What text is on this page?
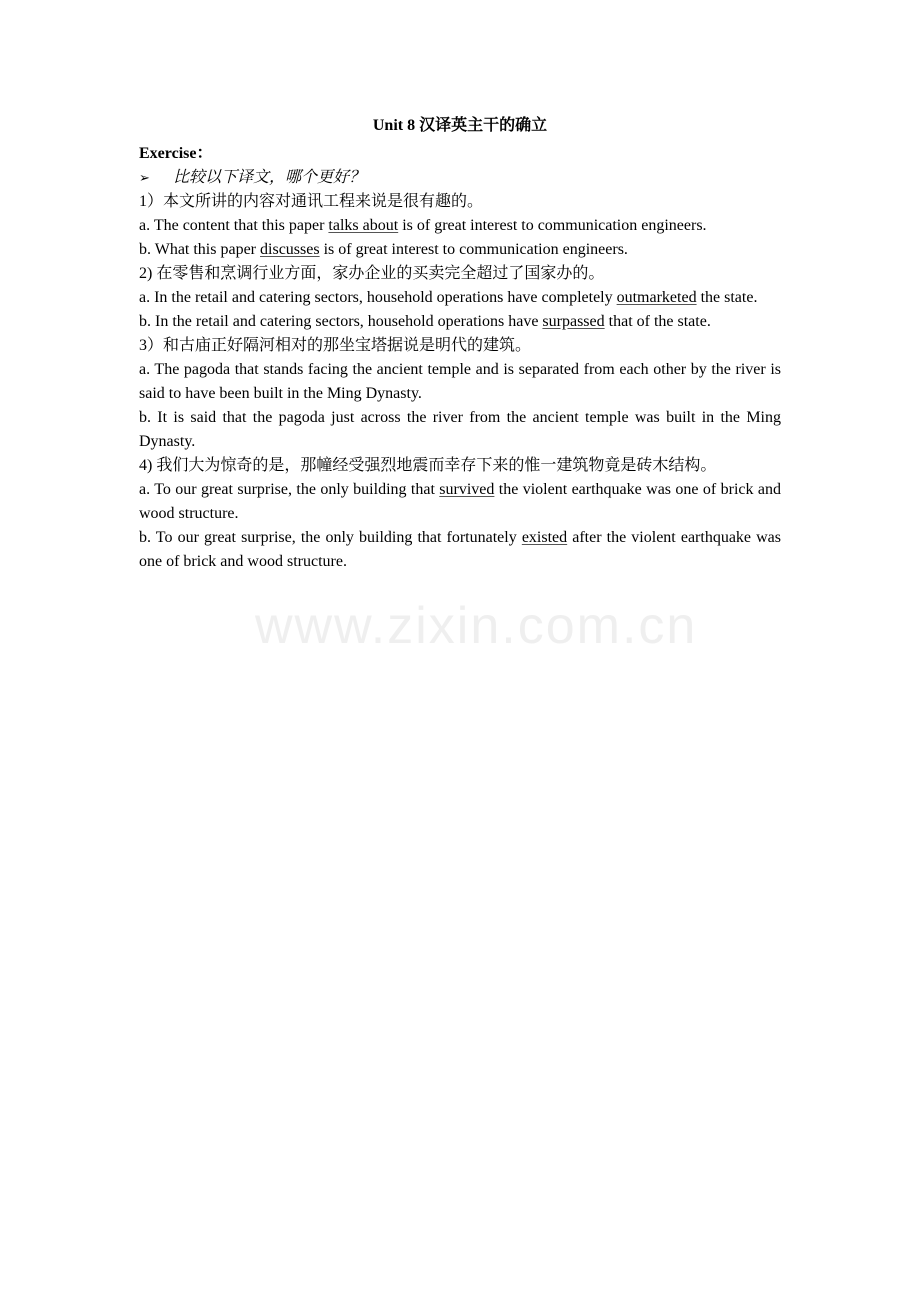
www.zixin.com.cn

Unit 8 汉译英主干的确立

Exercise：

➢	比较以下译文，哪个更好？

1）本文所讲的内容对通讯工程来说是很有趣的。

a. The content that this paper talks about is of great interest to communication engineers.

b. What this paper discusses is of great interest to communication engineers.

2) 在零售和烹调行业方面，家办企业的买卖完全超过了国家办的。

a. In the retail and catering sectors, household operations have completely outmarketed the state.

b. In the retail and catering sectors, household operations have surpassed that of the state.

3）和古庙正好隔河相对的那坐宝塔据说是明代的建筑。

a. The pagoda that stands facing the ancient temple and is separated from each other by the river is said to have been built in the Ming Dynasty.

b. It is said that the pagoda just across the river from the ancient temple was built in the Ming Dynasty.

4) 我们大为惊奇的是，那幢经受强烈地震而幸存下来的惟一建筑物竟是砖木结构。

a. To our great surprise, the only building that survived the violent earthquake was one of brick and wood structure.

b. To our great surprise, the only building that fortunately existed after the violent earthquake was one of brick and wood structure.
